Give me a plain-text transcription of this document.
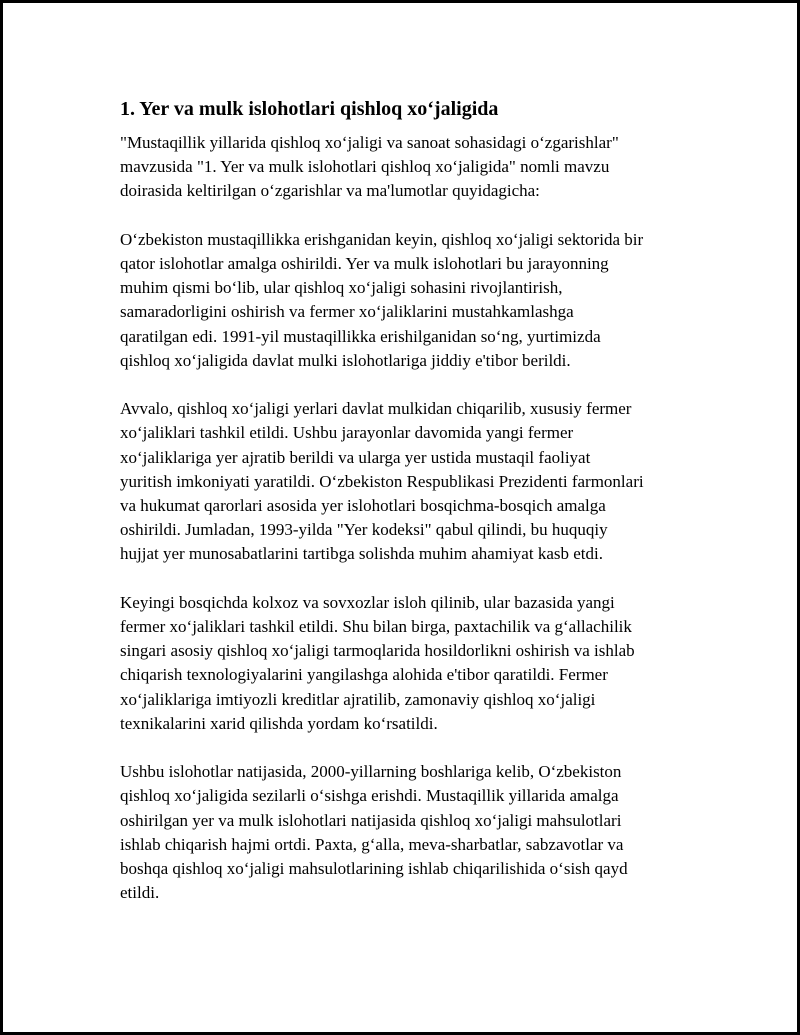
1. Yer va mulk islohotlari qishloq xo‘jaligida

"Mustaqillik yillarida qishloq xo‘jaligi va sanoat sohasidagi o‘zgarishlar"
mavzusida "1. Yer va mulk islohotlari qishloq xo‘jaligida" nomli mavzu
doirasida keltirilgan o‘zgarishlar va ma'lumotlar quyidagicha:

O‘zbekiston mustaqillikka erishganidan keyin, qishloq xo‘jaligi sektorida bir
qator islohotlar amalga oshirildi. Yer va mulk islohotlari bu jarayonning
muhim qismi bo‘lib, ular qishloq xo‘jaligi sohasini rivojlantirish,
samaradorligini oshirish va fermer xo‘jaliklarini mustahkamlashga
qaratilgan edi. 1991-yil mustaqillikka erishilganidan so‘ng, yurtimizda
qishloq xo‘jaligida davlat mulki islohotlariga jiddiy e'tibor berildi.

Avvalo, qishloq xo‘jaligi yerlari davlat mulkidan chiqarilib, xususiy fermer
xo‘jaliklari tashkil etildi. Ushbu jarayonlar davomida yangi fermer
xo‘jaliklariga yer ajratib berildi va ularga yer ustida mustaqil faoliyat
yuritish imkoniyati yaratildi. O‘zbekiston Respublikasi Prezidenti farmonlari
va hukumat qarorlari asosida yer islohotlari bosqichma-bosqich amalga
oshirildi. Jumladan, 1993-yilda "Yer kodeksi" qabul qilindi, bu huquqiy
hujjat yer munosabatlarini tartibga solishda muhim ahamiyat kasb etdi.

Keyingi bosqichda kolxoz va sovxozlar isloh qilinib, ular bazasida yangi
fermer xo‘jaliklari tashkil etildi. Shu bilan birga, paxtachilik va g‘allachilik
singari asosiy qishloq xo‘jaligi tarmoqlarida hosildorlikni oshirish va ishlab
chiqarish texnologiyalarini yangilashga alohida e'tibor qaratildi. Fermer
xo‘jaliklariga imtiyozli kreditlar ajratilib, zamonaviy qishloq xo‘jaligi
texnikalarini xarid qilishda yordam ko‘rsatildi.

Ushbu islohotlar natijasida, 2000-yillarning boshlariga kelib, O‘zbekiston
qishloq xo‘jaligida sezilarli o‘sishga erishdi. Mustaqillik yillarida amalga
oshirilgan yer va mulk islohotlari natijasida qishloq xo‘jaligi mahsulotlari
ishlab chiqarish hajmi ortdi. Paxta, g‘alla, meva-sharbatlar, sabzavotlar va
boshqa qishloq xo‘jaligi mahsulotlarining ishlab chiqarilishida o‘sish qayd
etildi.
